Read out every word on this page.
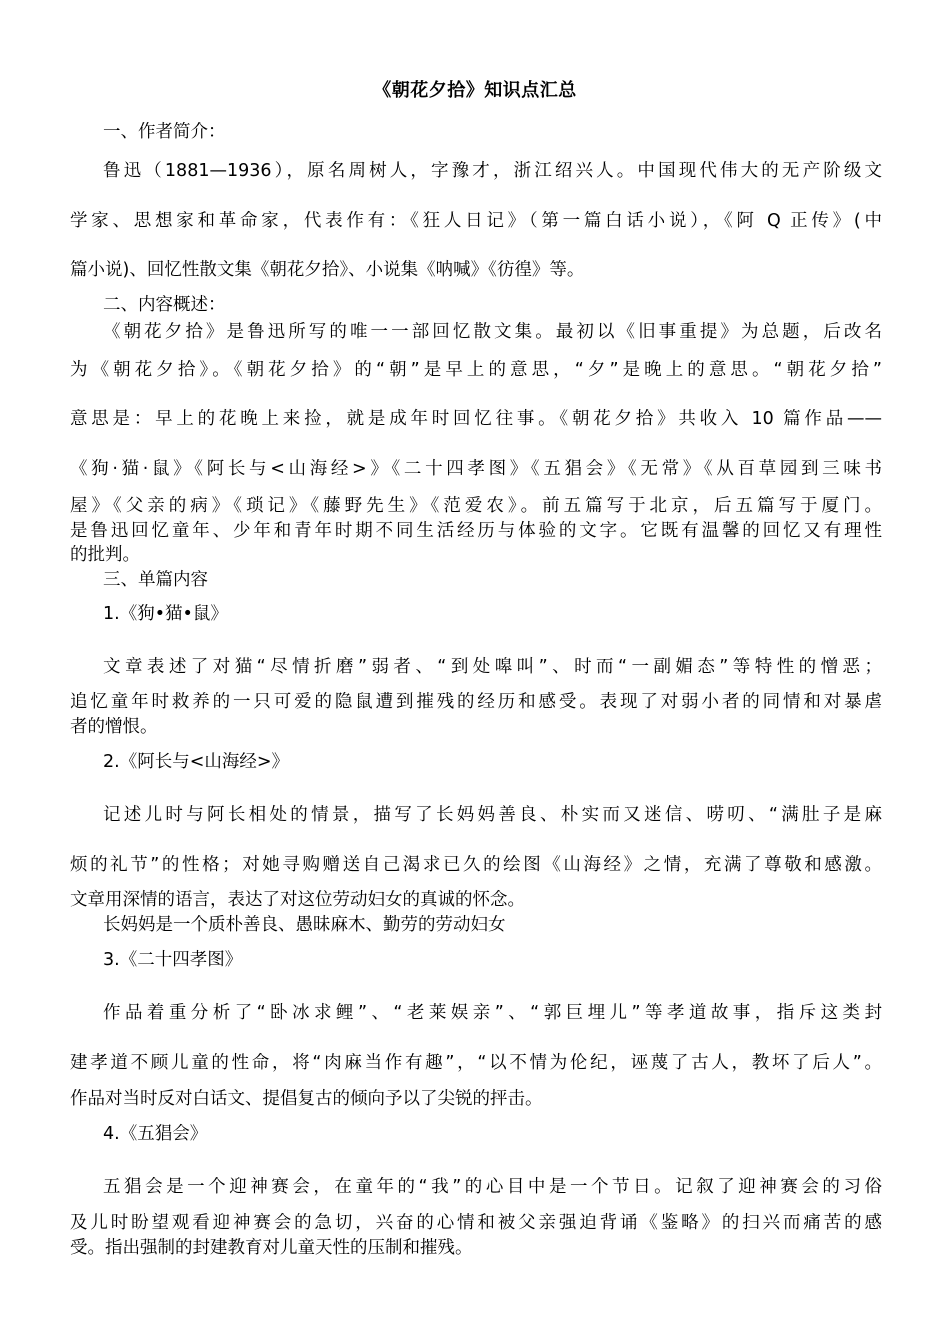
《朝花夕拾》知识点汇总
一、作者简介：
鲁迅（1881—1936），原名周树人，字豫才，浙江绍兴人。中国现代伟大的无产阶级文
学家、思想家和革命家，代表作有：《狂人日记》（第一篇白话小说），《阿 Q 正传》(中
篇小说)、回忆性散文集《朝花夕拾》、小说集《呐喊》《彷徨》等。
二、内容概述：
《朝花夕拾》是鲁迅所写的唯一一部回忆散文集。最初以《旧事重提》为总题，后改名
为《朝花夕拾》。《朝花夕拾》的“朝”是早上的意思，“夕”是晚上的意思。“朝花夕拾”
意思是：早上的花晚上来捡，就是成年时回忆往事。《朝花夕拾》共收入 10 篇作品——
《狗·猫·鼠》《阿长与<山海经>》《二十四孝图》《五猖会》《无常》《从百草园到三味书
屋》《父亲的病》《琐记》《藤野先生》《范爱农》。前五篇写于北京，后五篇写于厦门。
是鲁迅回忆童年、少年和青年时期不同生活经历与体验的文字。它既有温馨的回忆又有理性
的批判。
三、单篇内容
1.《狗•猫•鼠》
文章表述了对猫“尽情折磨”弱者、“到处嗥叫”、时而“一副媚态”等特性的憎恶；
追忆童年时救养的一只可爱的隐鼠遭到摧残的经历和感受。表现了对弱小者的同情和对暴虐
者的憎恨。
2.《阿长与<山海经>》
记述儿时与阿长相处的情景，描写了长妈妈善良、朴实而又迷信、唠叨、“满肚子是麻
烦的礼节”的性格；对她寻购赠送自己渴求已久的绘图《山海经》之情，充满了尊敬和感激。
文章用深情的语言，表达了对这位劳动妇女的真诚的怀念。
长妈妈是一个质朴善良、愚昧麻木、勤劳的劳动妇女
3.《二十四孝图》
作品着重分析了“卧冰求鲤”、“老莱娱亲”、“郭巨埋儿”等孝道故事，指斥这类封
建孝道不顾儿童的性命，将“肉麻当作有趣”，“以不情为伦纪，诬蔑了古人，教坏了后人”。
作品对当时反对白话文、提倡复古的倾向予以了尖锐的抨击。
4.《五猖会》
五猖会是一个迎神赛会，在童年的“我”的心目中是一个节日。记叙了迎神赛会的习俗
及儿时盼望观看迎神赛会的急切，兴奋的心情和被父亲强迫背诵《鉴略》的扫兴而痛苦的感
受。指出强制的封建教育对儿童天性的压制和摧残。
